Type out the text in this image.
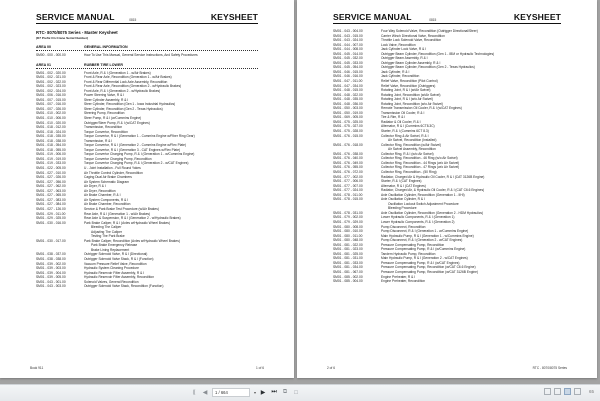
SERVICE MANUAL	0815	KEYSHEET
RTC- 8070/8075 Series - Master Keysheet
(D7 Prefix On Crane Serial Number)
AREA 00	GENERAL INFORMATION
SM00 - 000 - 000.00	How To Use This Manual, General Service Instructions, And Safety Procedures
AREA 01	RUBBER TIRE LOWER
SM01 - 002 - 020.00	Front Axle, R & I (Generation 1 - w/Air Brakes)
SM01 - 002 - 021.00	Front & Rear Axle, Recondition (Generation 1 - w/Air Brakes)
SM01 - 002 - 022.00	Front & Rear Differential Lock Axle Assembly, Recondition
SM01 - 002 - 023.00	Front & Rear Axle, Recondition (Generation 2 - w/Hydraulic Brakes)
SM01 - 002 - 024.00	Front Axle, R & I (Generation 2 - w/Hydraulic Brakes)
SM01 - 006 - 016.00	Power Steering Valve, R & I
SM01 - 007 - 015.00	Steer Cylinder Assembly, R & I
SM01 - 007 - 016.00	Steer Cylinder, Recondition (Gen 1 - Iowa Industrial Hydraulics)
SM01 - 007 - 026.00	Steer Cylinder, Recondition (Gen 2 - Texas Hydraulics)
SM01 - 010 - 002.00	Steering Pump, Recondition
SM01 - 010 - 006.00	Steer Pump, R & I (w/Cummins Engine)
SM01 - 010 - 020.00	Outrigger/Steer Pump, R & I (w/CAT Engines)
SM01 - 018 - 012.00	Transmission, Recondition
SM01 - 018 - 024.00	Torque Convertor, Recondition
SM01 - 018 - 035.00	Torque Convertor, R & I (Generation 1 - Cummins Engine w/Fiber Ring Gear)
SM01 - 018 - 038.00	Transmission, R & I
SM01 - 018 - 054.00	Torque Convertor, R & I (Generation 2 - Cummins Engine w/Flex Plate)
SM01 - 018 - 055.00	Torque Convertor, R & I (Generation 3 - CAT Engines w/Flex Plate)
SM01 - 019 - 006.00	Torque Convertor Charging Pump, R & I (Generation 1 - w/Cummins Engine)
SM01 - 019 - 019.00	Torque Convertor Charging Pump, Recondition
SM01 - 019 - 033.00	Torque Convertor Charging Pump, R & I (Generation 2 - w/CAT Engines)
SM01 - 022 - 005.00	U - Joint Installation - Full Round Yokes
SM01 - 027 - 010.00	Air Throttle Control Cylinder, Recondition
SM01 - 027 - 026.00	Caging Dual Air Brake Chambers
SM01 - 027 - 056.00	Air System Schematic Diagram
SM01 - 027 - 062.00	Air Dryer, R & I
SM01 - 027 - 063.00	Air Dryer, Recondition
SM01 - 027 - 065.00	Air Brake Chamber, R & I
SM01 - 027 - 083.00	Air System Components, R & I
SM01 - 027 - 084.00	Air Brake Chamber, Recondition
SM01 - 027 - 126.00	Service & Park Brake Test Procedure (w/Air Brakes)
SM01 - 029 - 011.00	Rear Axle, R & I (Generation 1 - w/Air Brakes)
SM01 - 029 - 025.00	Rear Axle & Suspension, R & I (Generation 2 - w/Hydraulic Brakes)
SM01 - 030 - 016.00	Park Brake Caliper, R & I (Axles w/Hydraulic Wheel Brakes)
Bleeding The Caliper
Adjusting The Caliper
Testing The Park Brake
SM01 - 030 - 017.00	Park Brake Caliper, Recondition (Axles w/Hydraulic Wheel Brakes)
Park Brake Emergency Release
Brake Lining Replacement
SM01 - 038 - 037.00	Outrigger Solenoid Valve, R & I (Directional)
SM01 - 038 - 038.00	Outrigger Solenoid Valve Stack, R & I (Function)
SM01 - 039 - 002.00	Vacuum Pressure Relief Valve, Recondition
SM01 - 039 - 003.00	Hydraulic System Cleaning Procedure
SM01 - 039 - 004.00	Hydraulic Reservoir Filter Assembly, R & I
SM01 - 039 - 005.00	Hydraulic Reservoir Filter Assembly, Recondition
SM01 - 043 - 001.00	Solenoid Valves, General Recondition
SM01 - 043 - 003.00	Outrigger Solenoid Valve Stack, Recondition (Function)
Book 911	1 of 6
SERVICE MANUAL	0815	KEYSHEET
SM01 - 043 - 004.00	Four Way Solenoid Valve, Recondition (Outrigger Directional/Steer)
SM01 - 043 - 015.00	Carrier Winch Directional Valve, Recondition
SM01 - 043 - 024.00	Throttle Lock Solenoid Valve, Recondition
SM01 - 044 - 007.00	Lock Valve, Recondition
SM01 - 044 - 008.00	Jack Cylinder Lock Valve, R & I
SM01 - 045 - 014.00	Outrigger Beam Cylinder, Recondition (Gen 1 - IBM or Hydraulic Technologies)
SM01 - 045 - 032.00	Outrigger Beam Assembly, R & I
SM01 - 045 - 033.00	Outrigger Beam Cylinder Assembly, R & I
SM01 - 045 - 054.00	Outrigger Beam Cylinder, Recondition (Gen 2 - Texas Hydraulics)
SM01 - 046 - 015.00	Jack Cylinder, R & I
SM01 - 046 - 016.00	Jack Cylinder, Recondition
SM01 - 047 - 011.00	Relief Valve, Recondition (Pilot Control)
SM01 - 047 - 034.00	Relief Valve, Recondition (Outriggers)
SM01 - 048 - 015.00	Rotating Joint, R & I (w/Air Swivel)
SM01 - 048 - 022.00	Rotating Joint, Recondition (w/Air Swivel)
SM01 - 048 - 035.00	Rotating Joint, R & I (w/o Air Swivel)
SM01 - 048 - 036.00	Rotating Joint, Recondition (w/o Air Swivel)
SM01 - 050 - 003.00	Remote Transmission Oil Cooler, R & I (w/CAT Engines)
SM01 - 050 - 019.00	Transmission Oil Cooler, R & I
SM01 - 069 - 005.00	Tire & Rim, R & I
SM01 - 075 - 025.00	Radiator & Oil Cooler, R & I
SM01 - 075 - 027.00	Alternator, R & I (Cummins 6CT8.3C)
SM01 - 075 - 028.00	Starter, R & I (Cummins 6CT 8.3)
SM01 - 076 - 015.00	Collector Ring & Air Swivel, R & I
Air Swivel, Recondition (Installed)
SM01 - 076 - 018.00	Collector Ring, Recondition (w/Air Swivel)
Air Swivel Assembly, Recondition
SM01 - 076 - 038.00	Collector Ring, R & I (w/o Air Swivel)
SM01 - 076 - 040.00	Collector Ring, Recondition - 46 Ring (w/o Air Swivel)
SM01 - 076 - 049.00	Collector Ring, Recondition - 44 Rings (w/o Air Swivel)
SM01 - 076 - 055.00	Collector Ring, Recondition - 47 Rings (w/o Air Swivel)
SM01 - 076 - 072.00	Collector Ring, Recondition - (50 Ring)
SM01 - 077 - 002.00	Radiator, Charged Air & Hydraulic Oil Cooler, R & I (CAT 3126B Engine)
SM01 - 077 - 006.00	Starter, R & I (CAT Engines)
SM01 - 077 - 007.00	Alternator, R & I (CAT Engines)
SM01 - 077 - 024.00	Radiator, Charged Air, & Hydraulic Oil Cooler, R & I (CAT C6.6 Engines)
SM01 - 078 - 011.00	Axle Oscillation Cylinder, Recondition (Generation 1 - IIHI)
SM01 - 078 - 015.00	Axle Oscillation Cylinder, R & I
Oscillation Lockout Switch Adjustment Procedure
Bleeding Procedure
SM01 - 078 - 031.00	Axle Oscillation Cylinder, Recondition (Generation 2 - HDM Hydraulics)
SM01 - 079 - 002.00	Lower Hydraulic Components, R & I (Generation 1)
SM01 - 079 - 029.00	Lower Hydraulic Components, R & I (Generation 2)
SM01 - 080 - 008.00	Pump Disconnect, Recondition
SM01 - 080 - 010.00	Pump Disconnect, R & I (Generation 1 - w/Cummins Engine)
SM01 - 080 - 011.00	Main Hydraulic Pump, R & I (Generation 1 - w/Cummins Engine)
SM01 - 080 - 048.00	Pump Disconnect, R & I (Generation 2 - w/CAT Engines)
SM01 - 081 - 022.00	Pressure Compensating Pump, Recondition
SM01 - 081 - 023.00	Pressure Compensating Pump, R & I (w/Cummins Engine)
SM01 - 081 - 025.00	Tandem Hydraulic Pump, Recondition
SM01 - 081 - 031.00	Main Hydraulic Pump, R & I (Generation 2 - w/CAT Engines)
SM01 - 081 - 033.00	Pressure Compensating Pump, R & I (w/CAT Engines)
SM01 - 081 - 034.00	Pressure Compensating Pump, Recondition (w/CAT C6.6 Engine)
SM01 - 081 - 067.00	Pressure Compensating Pump, Recondition (w/CAT 3126B Engine)
SM01 - 085 - 002.00	Engine Preheater, R & I
SM01 - 085 - 004.00	Engine Preheater, Recondition
2 of 6	RTC - 8070/8075 Series
⟪	◀
1 / 664	▾ ▶ ⏭	⧉	□	65
